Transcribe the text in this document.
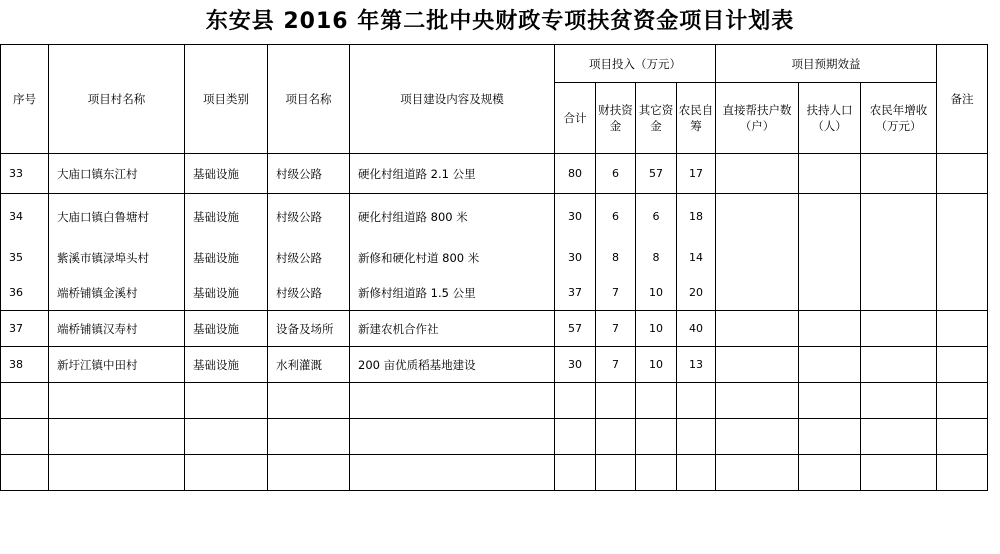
东安县 2016 年第二批中央财政专项扶贫资金项目计划表
序号	项目村名称	项目类别	项目名称	项目建设内容及规模	项目投入（万元）				项目预期效益			备注
					合计	财扶资金	其它资金	农民自筹	直接帮扶户数（户）	扶持人口（人）	农民年增收（万元）	
33	大庙口镇东江村	基础设施	村级公路	硬化村组道路 2.1 公里	80	6	57	17				
34	大庙口镇白鲁塘村	基础设施	村级公路	硬化村组道路 800 米	30	6	6	18				
35	紫溪市镇渌埠头村	基础设施	村级公路	新修和硬化村道 800 米	30	8	8	14				
36	端桥铺镇金溪村	基础设施	村级公路	新修村组道路 1.5 公里	37	7	10	20				
37	端桥铺镇汉寿村	基础设施	设备及场所	新建农机合作社	57	7	10	40				
38	新圩江镇中田村	基础设施	水利灌溉	200 亩优质稻基地建设	30	7	10	13				
